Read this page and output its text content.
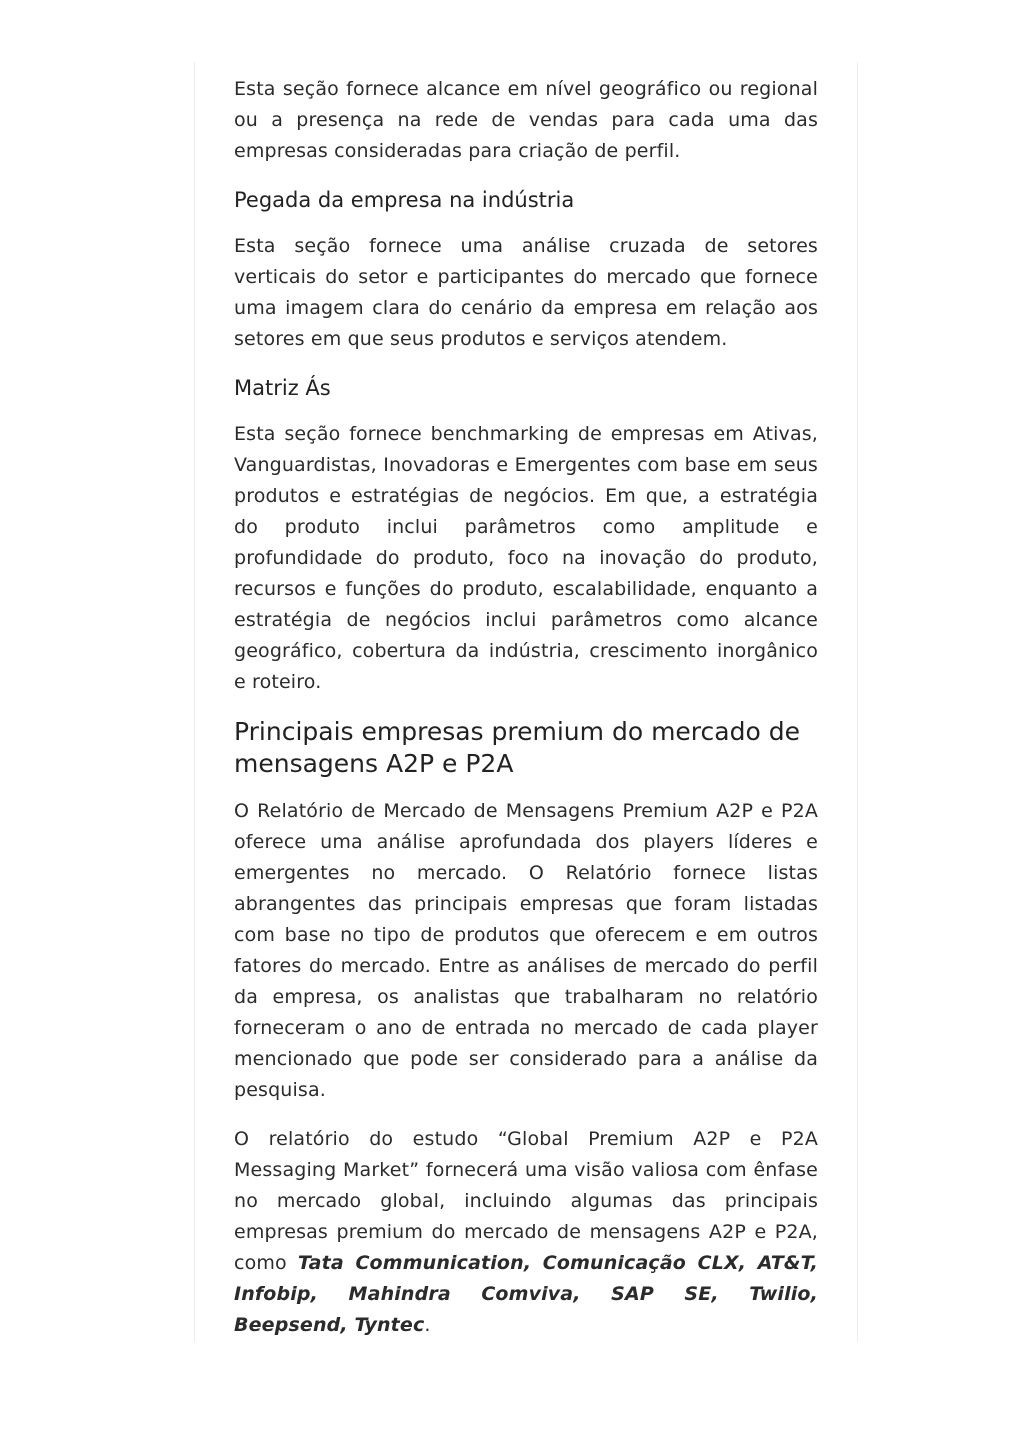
Esta seção fornece alcance em nível geográfico ou regional ou a presença na rede de vendas para cada uma das empresas consideradas para criação de perfil.

Pegada da empresa na indústria

Esta seção fornece uma análise cruzada de setores verticais do setor e participantes do mercado que fornece uma imagem clara do cenário da empresa em relação aos setores em que seus produtos e serviços atendem.

Matriz Ás

Esta seção fornece benchmarking de empresas em Ativas, Vanguardistas, Inovadoras e Emergentes com base em seus produtos e estratégias de negócios. Em que, a estratégia do produto inclui parâmetros como amplitude e profundidade do produto, foco na inovação do produto, recursos e funções do produto, escalabilidade, enquanto a estratégia de negócios inclui parâmetros como alcance geográfico, cobertura da indústria, crescimento inorgânico e roteiro.

Principais empresas premium do mercado de mensagens A2P e P2A

O Relatório de Mercado de Mensagens Premium A2P e P2A oferece uma análise aprofundada dos players líderes e emergentes no mercado. O Relatório fornece listas abrangentes das principais empresas que foram listadas com base no tipo de produtos que oferecem e em outros fatores do mercado. Entre as análises de mercado do perfil da empresa, os analistas que trabalharam no relatório forneceram o ano de entrada no mercado de cada player mencionado que pode ser considerado para a análise da pesquisa.

O relatório do estudo “Global Premium A2P e P2A Messaging Market” fornecerá uma visão valiosa com ênfase no mercado global, incluindo algumas das principais empresas premium do mercado de mensagens A2P e P2A, como Tata Communication, Comunicação CLX, AT&T, Infobip, Mahindra Comviva, SAP SE, Twilio, Beepsend, Tyntec.
